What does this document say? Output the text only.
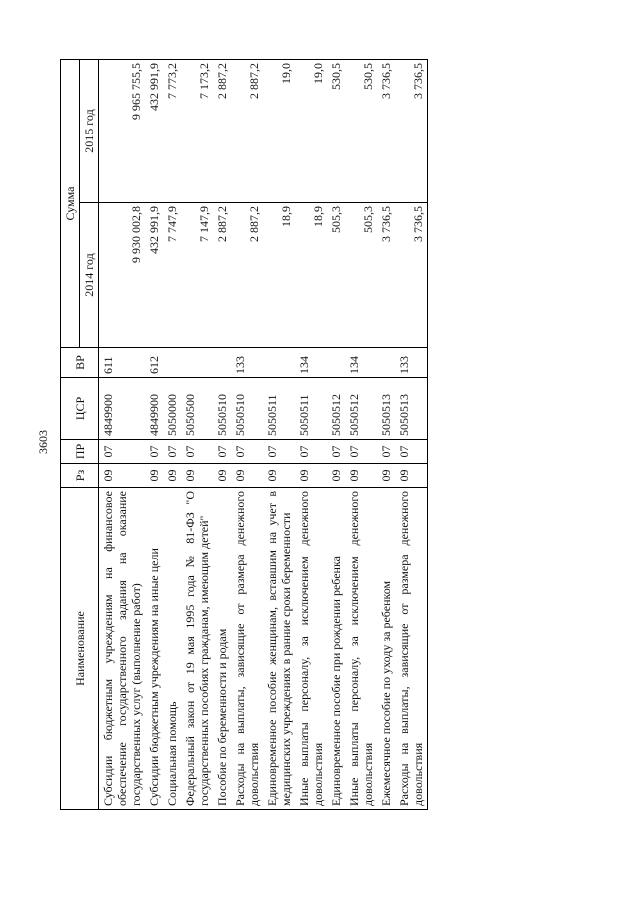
3603
Наименование	Рз	ПР	ЦСР	ВР	Сумма	
					2014 год	2015 год
Субсидии бюджетным учреждениям на финансовое обеспечение государственного задания на оказание государственных услуг (выполнение работ)	09	07	4849900	611	9 930 002,8	9 965 755,5
Субсидии бюджетным учреждениям на иные цели	09	07	4849900	612	432 991,9	432 991,9
Социальная помощь	09	07	5050000		7 747,9	7 773,2
Федеральный закон от 19 мая 1995 года № 81-ФЗ "О государственных пособиях гражданам, имеющим детей"	09	07	5050500		7 147,9	7 173,2
Пособие по беременности и родам	09	07	5050510		2 887,2	2 887,2
Расходы на выплаты, зависящие от размера денежного довольствия	09	07	5050510	133	2 887,2	2 887,2
Единовременное пособие женщинам, вставшим на учет в медицинских учреждениях в ранние сроки беременности	09	07	5050511		18,9	19,0
Иные выплаты персоналу, за исключением денежного довольствия	09	07	5050511	134	18,9	19,0
Единовременное пособие при рождении ребенка	09	07	5050512		505,3	530,5
Иные выплаты персоналу, за исключением денежного довольствия	09	07	5050512	134	505,3	530,5
Ежемесячное пособие по уходу за ребенком	09	07	5050513		3 736,5	3 736,5
Расходы на выплаты, зависящие от размера денежного довольствия	09	07	5050513	133	3 736,5	3 736,5
